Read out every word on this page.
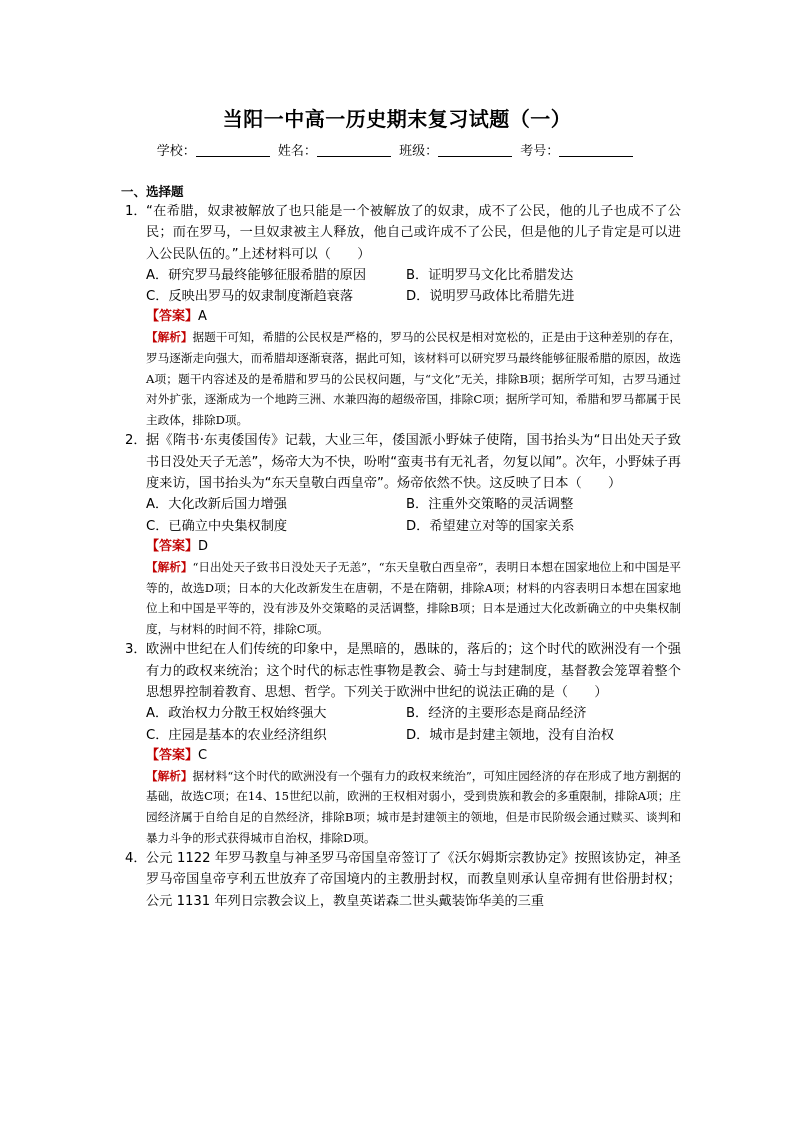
当阳一中高一历史期末复习试题（一）
学校：	姓名：	班级：	考号：
一、选择题
1． “在希腊，奴隶被解放了也只能是一个被解放了的奴隶，成不了公民，他的儿子也成不了公民；而在罗马，一旦奴隶被主人释放，他自己或许成不了公民，但是他的儿子肯定是可以进入公民队伍的。”上述材料可以（　　）
A．研究罗马最终能够征服希腊的原因	B．证明罗马文化比希腊发达
C．反映出罗马的奴隶制度渐趋衰落	D．说明罗马政体比希腊先进
【答案】A
【解析】据题干可知，希腊的公民权是严格的，罗马的公民权是相对宽松的，正是由于这种差别的存在，罗马逐渐走向强大，而希腊却逐渐衰落，据此可知，该材料可以研究罗马最终能够征服希腊的原因，故选A项；题干内容述及的是希腊和罗马的公民权问题，与“文化”无关，排除B项；据所学可知，古罗马通过对外扩张，逐渐成为一个地跨三洲、水兼四海的超级帝国，排除C项；据所学可知，希腊和罗马都属于民主政体，排除D项。
2． 据《隋书·东夷倭国传》记载，大业三年，倭国派小野妹子使隋，国书抬头为“日出处天子致书日没处天子无恙”，炀帝大为不快，吩咐“蛮夷书有无礼者，勿复以闻”。次年，小野妹子再度来访，国书抬头为“东天皇敬白西皇帝”。炀帝依然不快。这反映了日本（　　）
A．大化改新后国力增强	B．注重外交策略的灵活调整
C．已确立中央集权制度	D．希望建立对等的国家关系
【答案】D
【解析】“日出处天子致书日没处天子无恙”，“东天皇敬白西皇帝”，表明日本想在国家地位上和中国是平等的，故选D项；日本的大化改新发生在唐朝，不是在隋朝，排除A项；材料的内容表明日本想在国家地位上和中国是平等的，没有涉及外交策略的灵活调整，排除B项；日本是通过大化改新确立的中央集权制度，与材料的时间不符，排除C项。
3． 欧洲中世纪在人们传统的印象中，是黑暗的，愚昧的，落后的；这个时代的欧洲没有一个强有力的政权来统治；这个时代的标志性事物是教会、骑士与封建制度，基督教会笼罩着整个思想界控制着教育、思想、哲学。下列关于欧洲中世纪的说法正确的是（　　）
A．政治权力分散王权始终强大	B．经济的主要形态是商品经济
C．庄园是基本的农业经济组织	D．城市是封建主领地，没有自治权
【答案】C
【解析】据材料“这个时代的欧洲没有一个强有力的政权来统治”，可知庄园经济的存在形成了地方割据的基础，故选C项；在14、15世纪以前，欧洲的王权相对弱小，受到贵族和教会的多重限制，排除A项；庄园经济属于自给自足的自然经济，排除B项；城市是封建领主的领地，但是市民阶级会通过赎买、谈判和暴力斗争的形式获得城市自治权，排除D项。
4． 公元 1122 年罗马教皇与神圣罗马帝国皇帝签订了《沃尔姆斯宗教协定》按照该协定，神圣罗马帝国皇帝亨利五世放弃了帝国境内的主教册封权，而教皇则承认皇帝拥有世俗册封权；公元 1131 年列日宗教会议上，教皇英诺森二世头戴装饰华美的三重
